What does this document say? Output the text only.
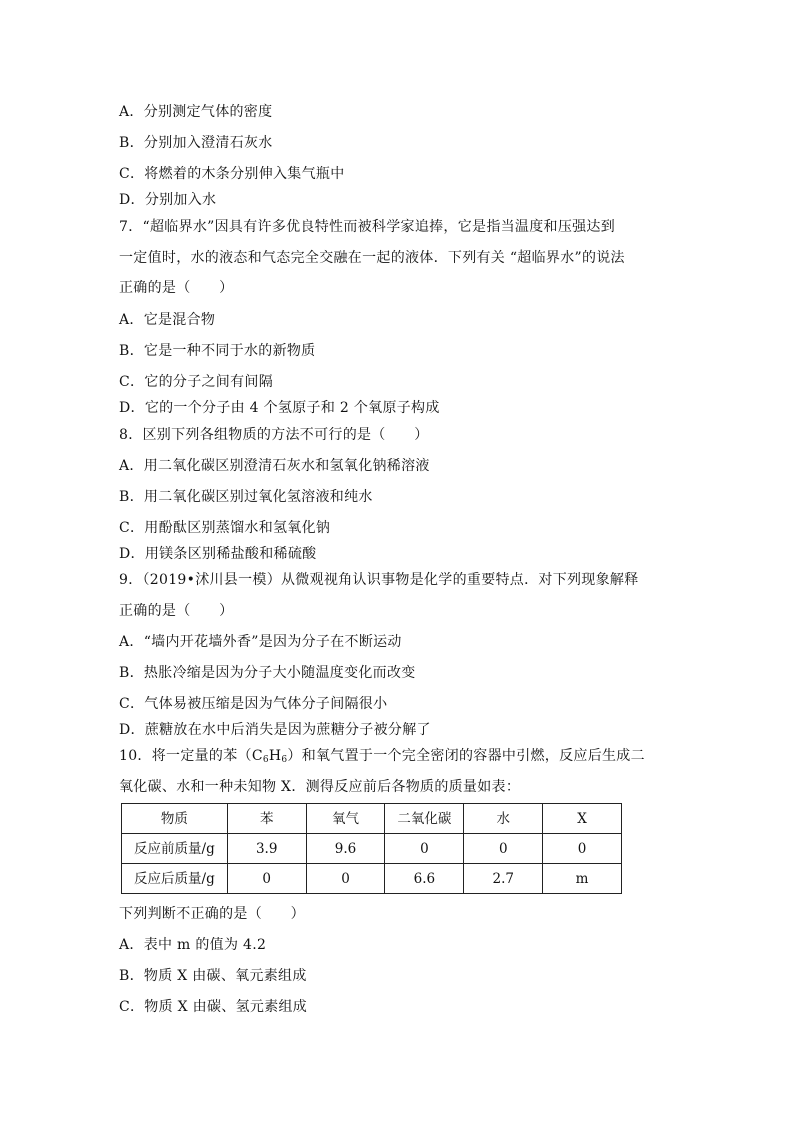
A．分别测定气体的密度
B．分别加入澄清石灰水
C．将燃着的木条分别伸入集气瓶中
D．分别加入水
7．“超临界水”因具有许多优良特性而被科学家追捧，它是指当温度和压强达到
一定值时，水的液态和气态完全交融在一起的液体．下列有关 “超临界水”的说法
正确的是（　　）
A．它是混合物
B．它是一种不同于水的新物质
C．它的分子之间有间隔
D．它的一个分子由 4 个氢原子和 2 个氧原子构成
8．区别下列各组物质的方法不可行的是（　　）
A．用二氧化碳区别澄清石灰水和氢氧化钠稀溶液
B．用二氧化碳区别过氧化氢溶液和纯水
C．用酚酞区别蒸馏水和氢氧化钠
D．用镁条区别稀盐酸和稀硫酸
9．（2019•沭川县一模）从微观视角认识事物是化学的重要特点．对下列现象解释
正确的是（　　）
A．“墙内开花墙外香”是因为分子在不断运动
B．热胀冷缩是因为分子大小随温度变化而改变
C．气体易被压缩是因为气体分子间隔很小
D．蔗糖放在水中后消失是因为蔗糖分子被分解了
10．将一定量的苯$(C_6H_6)$和氧气置于一个完全密闭的容器中引燃，反应后生成二
氧化碳、水和一种未知物 X．测得反应前后各物质的质量如表：
物质	苯	氧气	二氧化碳	水	X
反应前质量/g	3.9	9.6	0	0	0
反应后质量/g	0	0	6.6	2.7	m
下列判断不正确的是（　　）
A．表中 m 的值为 4.2
B．物质 X 由碳、氧元素组成
C．物质 X 由碳、氢元素组成
